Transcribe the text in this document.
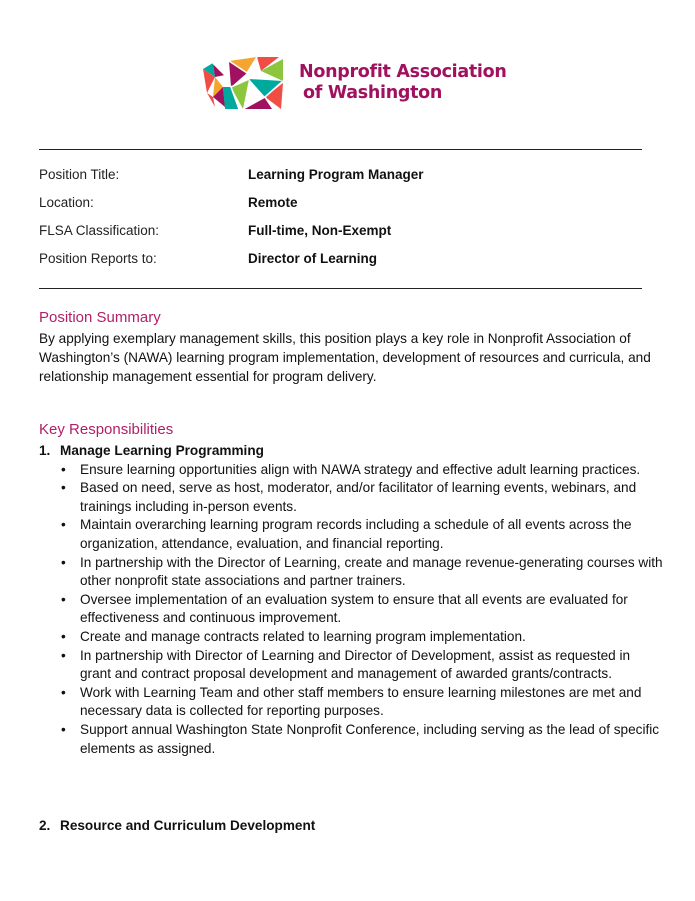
Nonprofit Association
of Washington
Position Title:	Learning Program Manager
Location:	Remote
FLSA Classification:	Full-time, Non-Exempt
Position Reports to:	Director of Learning
Position Summary
By applying exemplary management skills, this position plays a key role in Nonprofit Association of Washington’s (NAWA) learning program implementation, development of resources and curricula, and relationship management essential for program delivery.
Key Responsibilities
1. Manage Learning Programming
• Ensure learning opportunities align with NAWA strategy and effective adult learning practices.
• Based on need, serve as host, moderator, and/or facilitator of learning events, webinars, and trainings including in-person events.
• Maintain overarching learning program records including a schedule of all events across the organization, attendance, evaluation, and financial reporting.
• In partnership with the Director of Learning, create and manage revenue-generating courses with other nonprofit state associations and partner trainers.
• Oversee implementation of an evaluation system to ensure that all events are evaluated for effectiveness and continuous improvement.
• Create and manage contracts related to learning program implementation.
• In partnership with Director of Learning and Director of Development, assist as requested in grant and contract proposal development and management of awarded grants/contracts.
• Work with Learning Team and other staff members to ensure learning milestones are met and necessary data is collected for reporting purposes.
• Support annual Washington State Nonprofit Conference, including serving as the lead of specific elements as assigned.
2. Resource and Curriculum Development
